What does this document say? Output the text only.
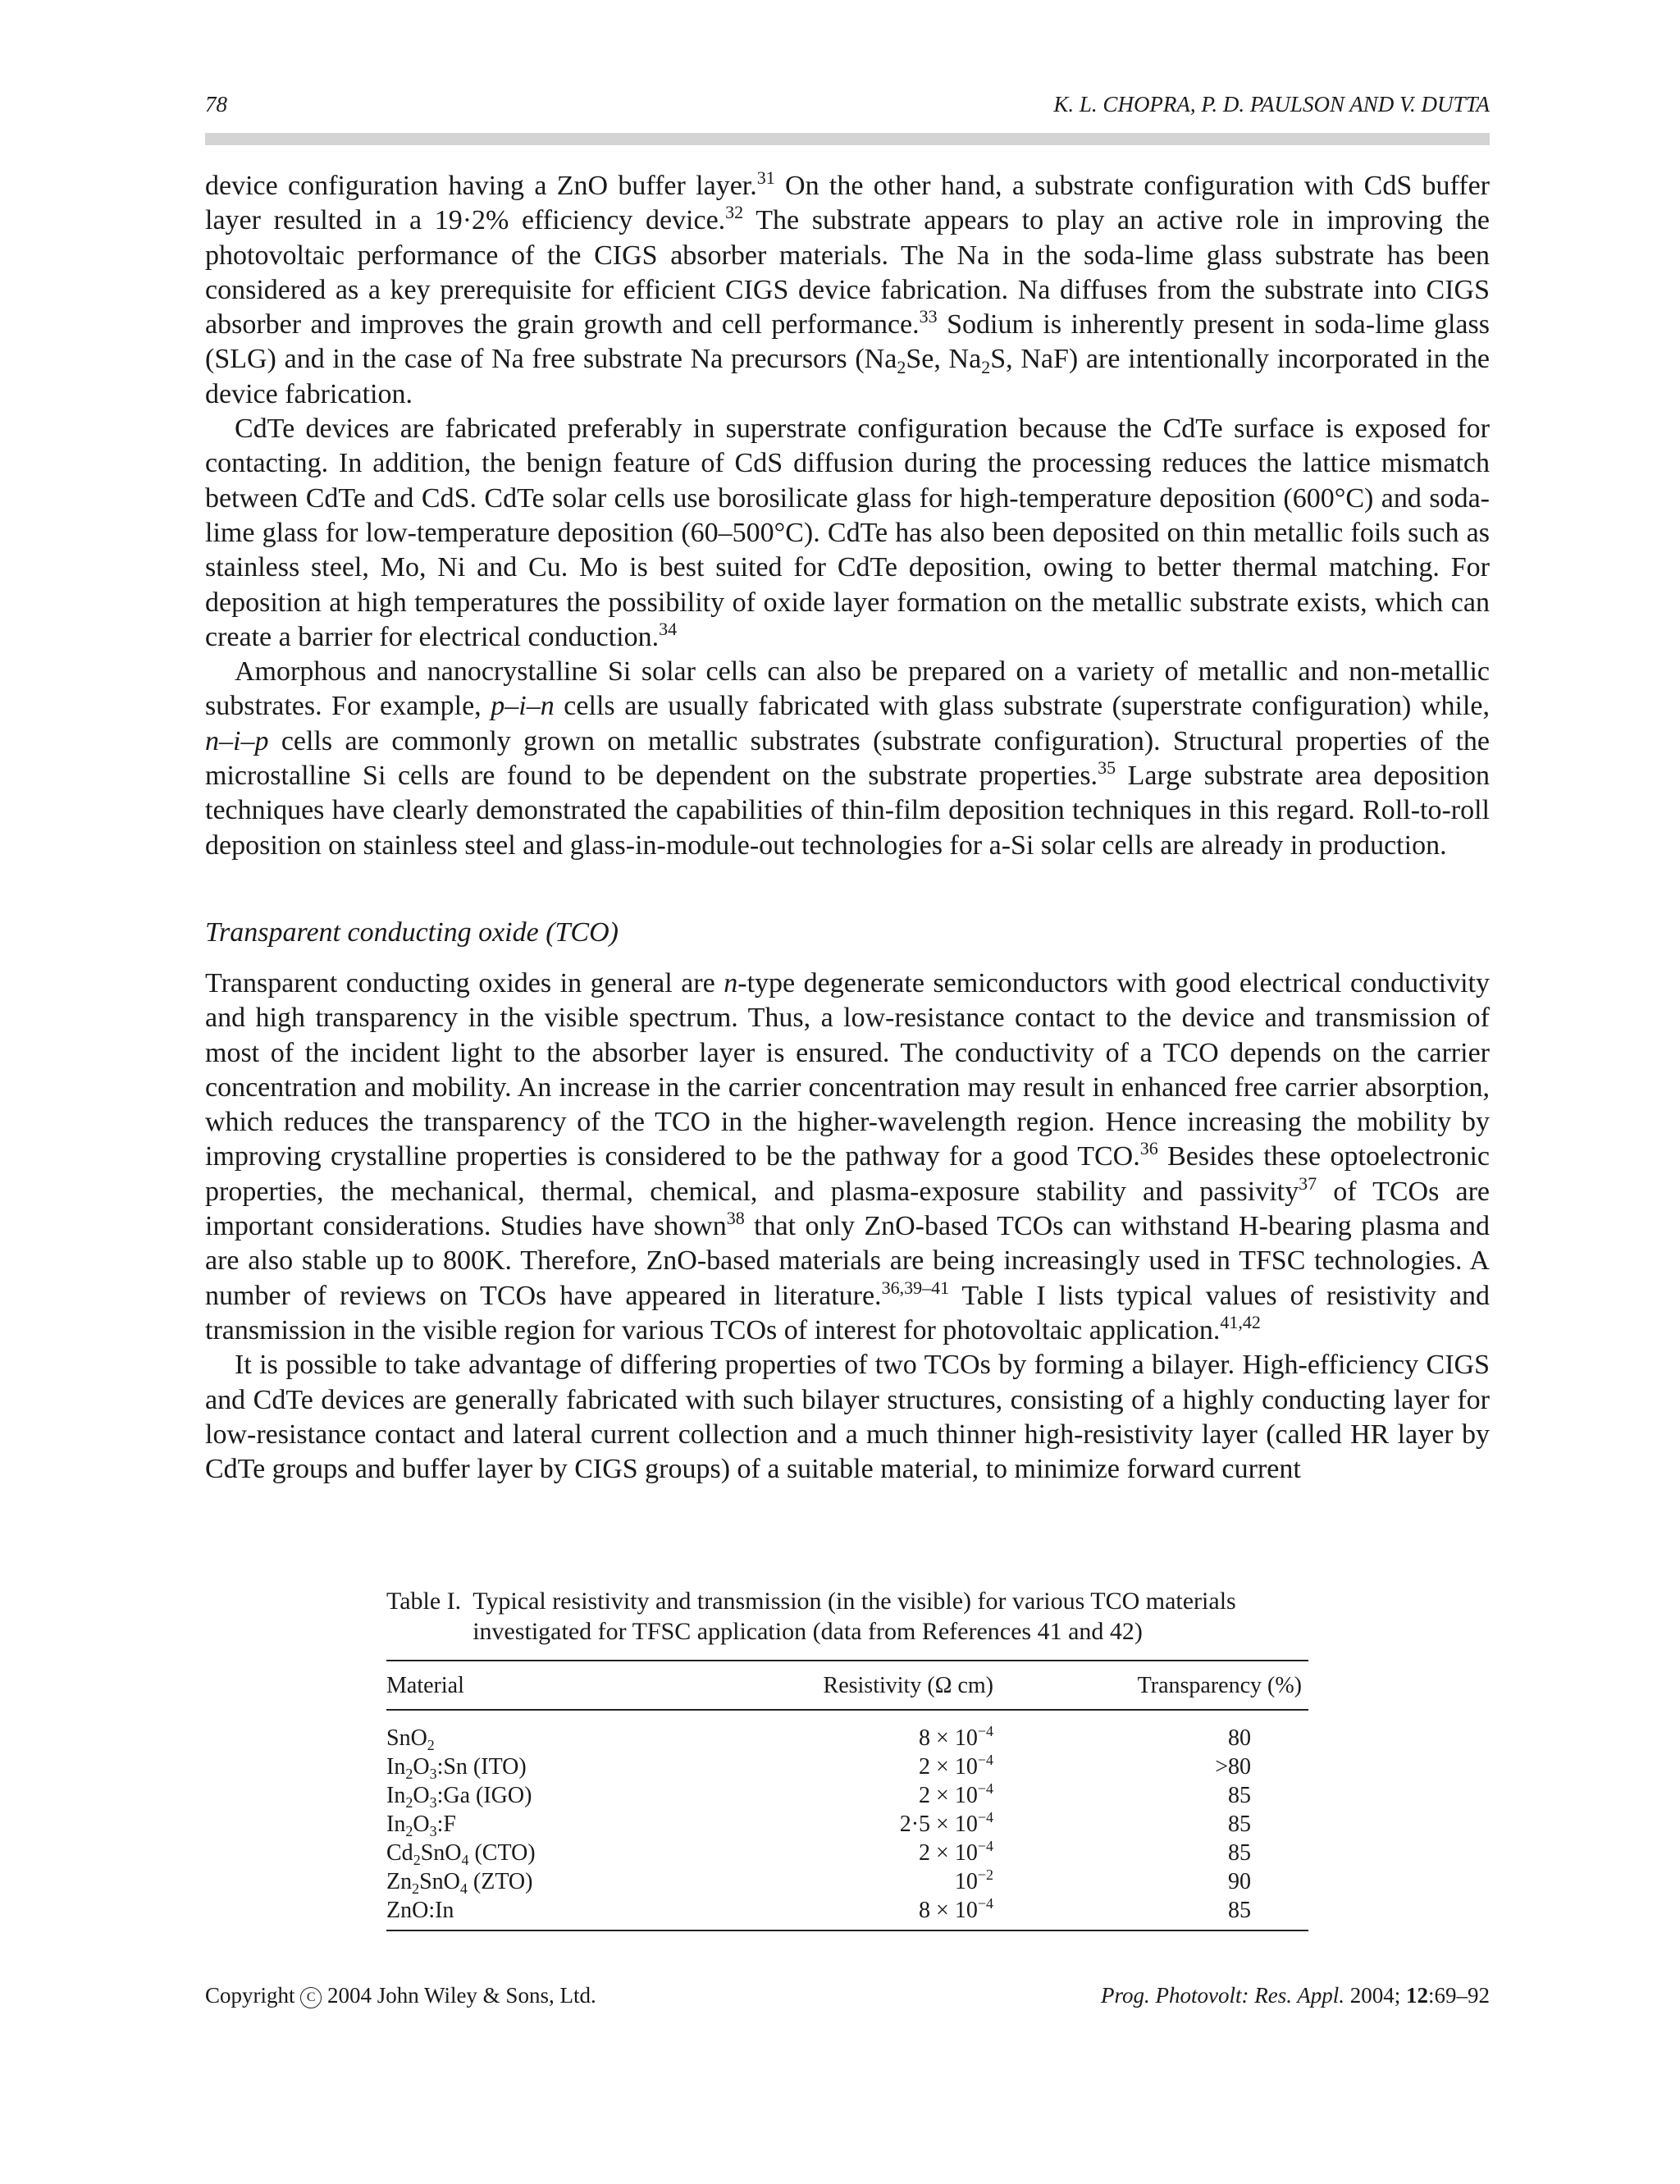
78	K. L. CHOPRA, P. D. PAULSON AND V. DUTTA

device configuration having a ZnO buffer layer.$^{31}$ On the other hand, a substrate configuration with CdS buffer layer resulted in a 19·2% efficiency device.$^{32}$ The substrate appears to play an active role in improving the photovoltaic performance of the CIGS absorber materials. The Na in the soda-lime glass substrate has been considered as a key prerequisite for efficient CIGS device fabrication. Na diffuses from the substrate into CIGS absorber and improves the grain growth and cell performance.$^{33}$ Sodium is inherently present in soda-lime glass (SLG) and in the case of Na free substrate Na precursors ($Na_2Se$, $Na_2S$, NaF) are intentionally incorporated in the device fabrication.

CdTe devices are fabricated preferably in superstrate configuration because the CdTe surface is exposed for contacting. In addition, the benign feature of CdS diffusion during the processing reduces the lattice mismatch between CdTe and CdS. CdTe solar cells use borosilicate glass for high-temperature deposition (600°C) and soda-lime glass for low-temperature deposition (60–500°C). CdTe has also been deposited on thin metallic foils such as stainless steel, Mo, Ni and Cu. Mo is best suited for CdTe deposition, owing to better thermal matching. For deposition at high temperatures the possibility of oxide layer formation on the metallic substrate exists, which can create a barrier for electrical conduction.$^{34}$

Amorphous and nanocrystalline Si solar cells can also be prepared on a variety of metallic and non-metallic substrates. For example, p–i–n cells are usually fabricated with glass substrate (superstrate configuration) while, n–i–p cells are commonly grown on metallic substrates (substrate configuration). Structural properties of the microstalline Si cells are found to be dependent on the substrate properties.$^{35}$ Large substrate area deposition techniques have clearly demonstrated the capabilities of thin-film deposition techniques in this regard. Roll-to-roll deposition on stainless steel and glass-in-module-out technologies for a-Si solar cells are already in production.

Transparent conducting oxide (TCO)

Transparent conducting oxides in general are n-type degenerate semiconductors with good electrical conductivity and high transparency in the visible spectrum. Thus, a low-resistance contact to the device and transmission of most of the incident light to the absorber layer is ensured. The conductivity of a TCO depends on the carrier concentration and mobility. An increase in the carrier concentration may result in enhanced free carrier absorption, which reduces the transparency of the TCO in the higher-wavelength region. Hence increasing the mobility by improving crystalline properties is considered to be the pathway for a good TCO.$^{36}$ Besides these optoelectronic properties, the mechanical, thermal, chemical, and plasma-exposure stability and passivity$^{37}$ of TCOs are important considerations. Studies have shown$^{38}$ that only ZnO-based TCOs can withstand H-bearing plasma and are also stable up to 800K. Therefore, ZnO-based materials are being increasingly used in TFSC technologies. A number of reviews on TCOs have appeared in literature.$^{36,39-41}$ Table I lists typical values of resistivity and transmission in the visible region for various TCOs of interest for photovoltaic application.$^{41,42}$

It is possible to take advantage of differing properties of two TCOs by forming a bilayer. High-efficiency CIGS and CdTe devices are generally fabricated with such bilayer structures, consisting of a highly conducting layer for low-resistance contact and lateral current collection and a much thinner high-resistivity layer (called HR layer by CdTe groups and buffer layer by CIGS groups) of a suitable material, to minimize forward current

Table I. Typical resistivity and transmission (in the visible) for various TCO materials investigated for TFSC application (data from References 41 and 42)
Material	Resistivity (Ω cm)	Transparency (%)
SnO$_2$	$8 \times 10^{-4}$	80
$In_2O_3:Sn$ (ITO)	$2 \times 10^{-4}$	>80
$In_2O_3:Ga$ (IGO)	$2 \times 10^{-4}$	85
$In_2O_3:F$	$2\cdot 5 \times 10^{-4}$	85
$Cd_2SnO_4$ (CTO)	$2 \times 10^{-4}$	85
$Zn_2SnO_4$ (ZTO)	$10^{-2}$	90
ZnO:In	$8 \times 10^{-4}$	85
Copyright C 2004 John Wiley & Sons, Ltd.	Prog. Photovolt: Res. Appl. 2004; 12:69–92
